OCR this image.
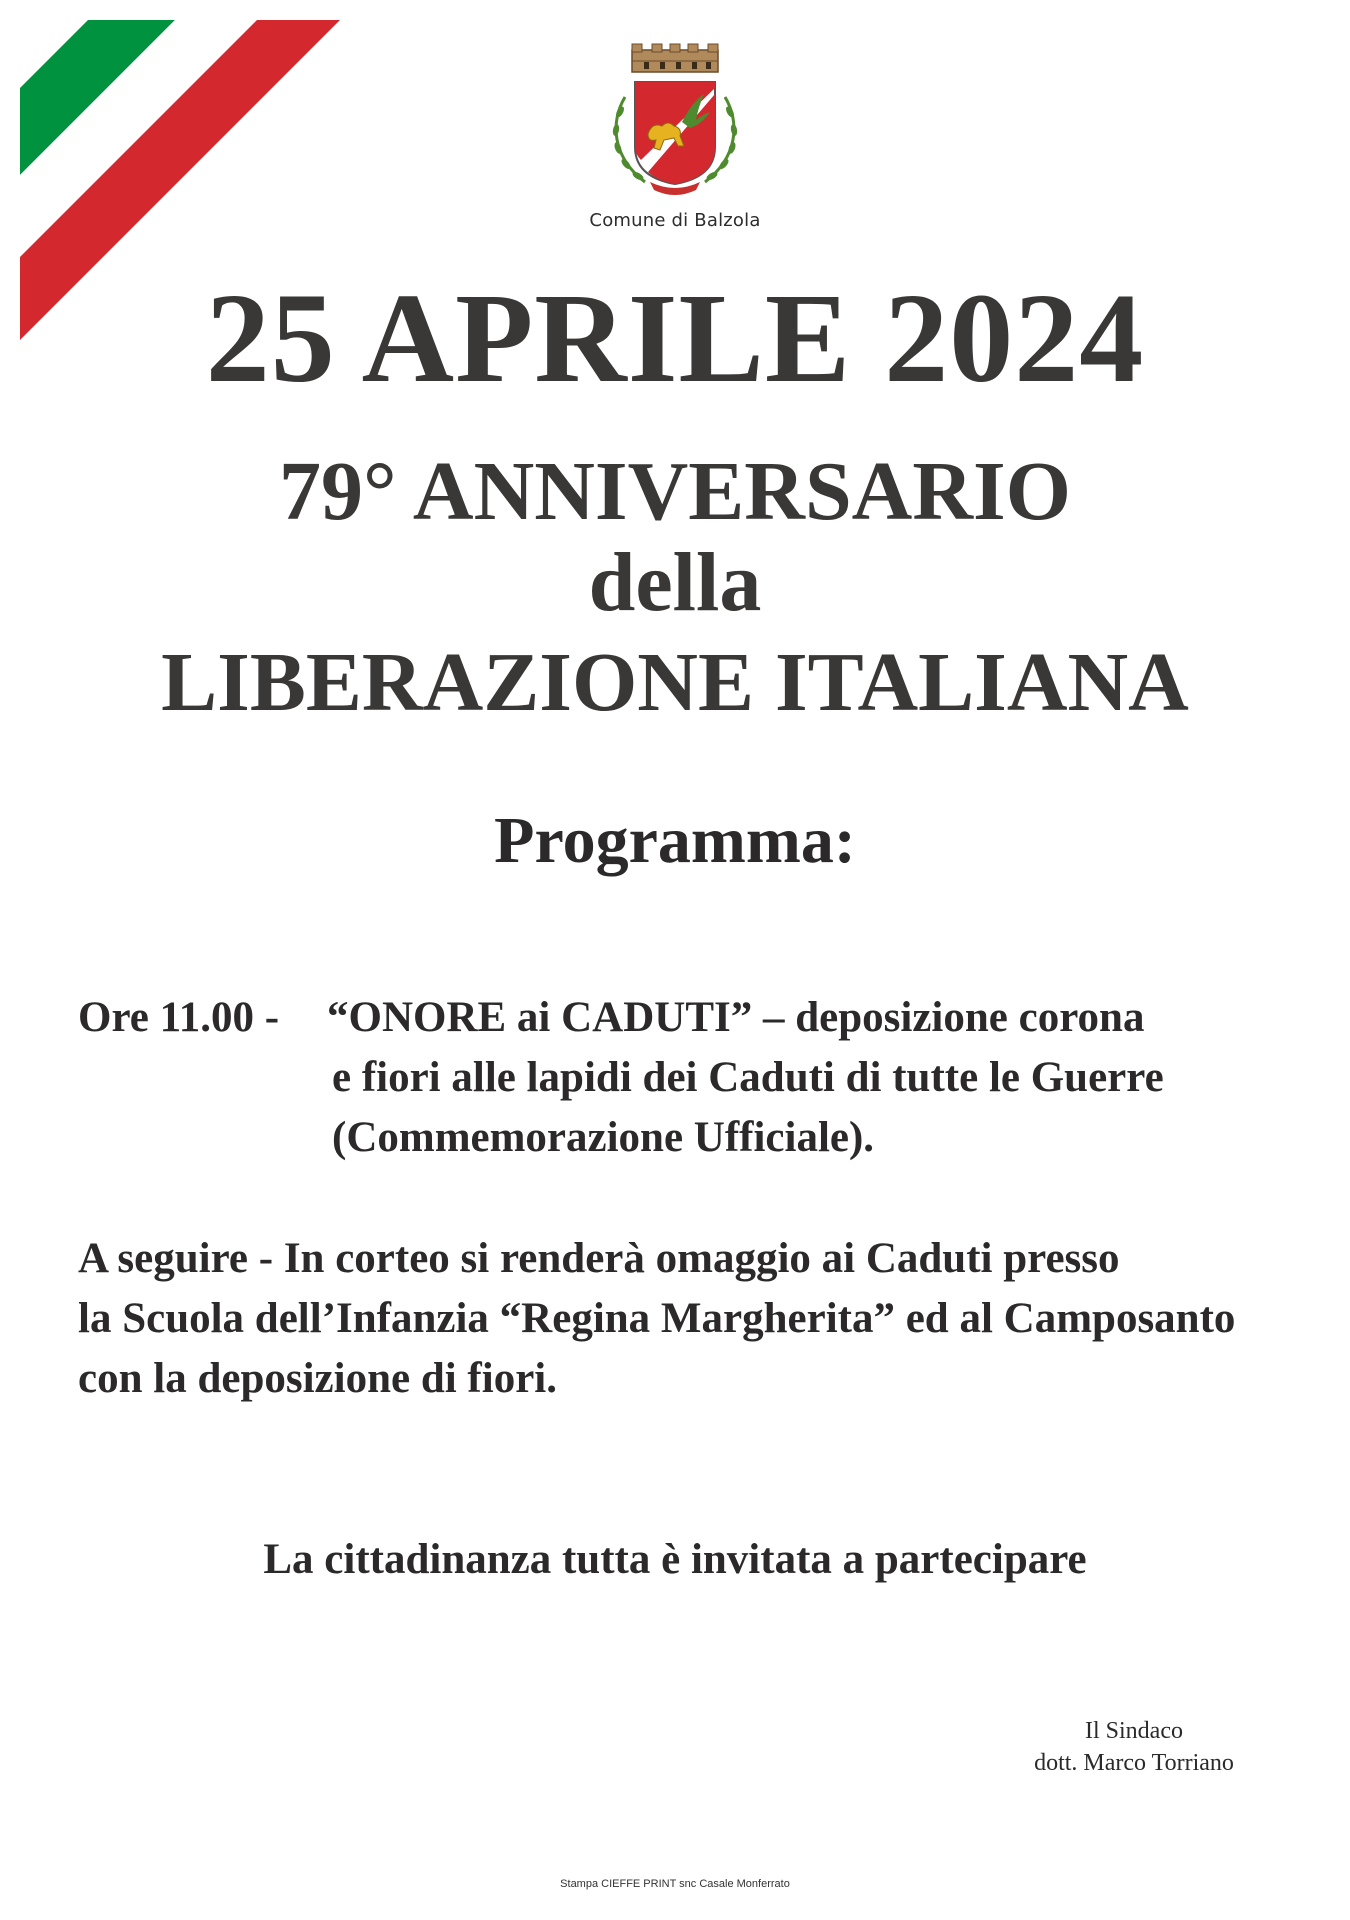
Comune di Balzola
25 APRILE 2024
79° ANNIVERSARIO
della
LIBERAZIONE ITALIANA
Programma:
Ore 11.00 - “ONORE ai CADUTI” – deposizione corona
e fiori alle lapidi dei Caduti di tutte le Guerre
(Commemorazione Ufficiale).
A seguire - In corteo si renderà omaggio ai Caduti presso
la Scuola dell’Infanzia “Regina Margherita” ed al Camposanto
con la deposizione di fiori.
La cittadinanza tutta è invitata a partecipare
Il Sindaco
dott. Marco Torriano
Stampa CIEFFE PRINT snc Casale Monferrato
